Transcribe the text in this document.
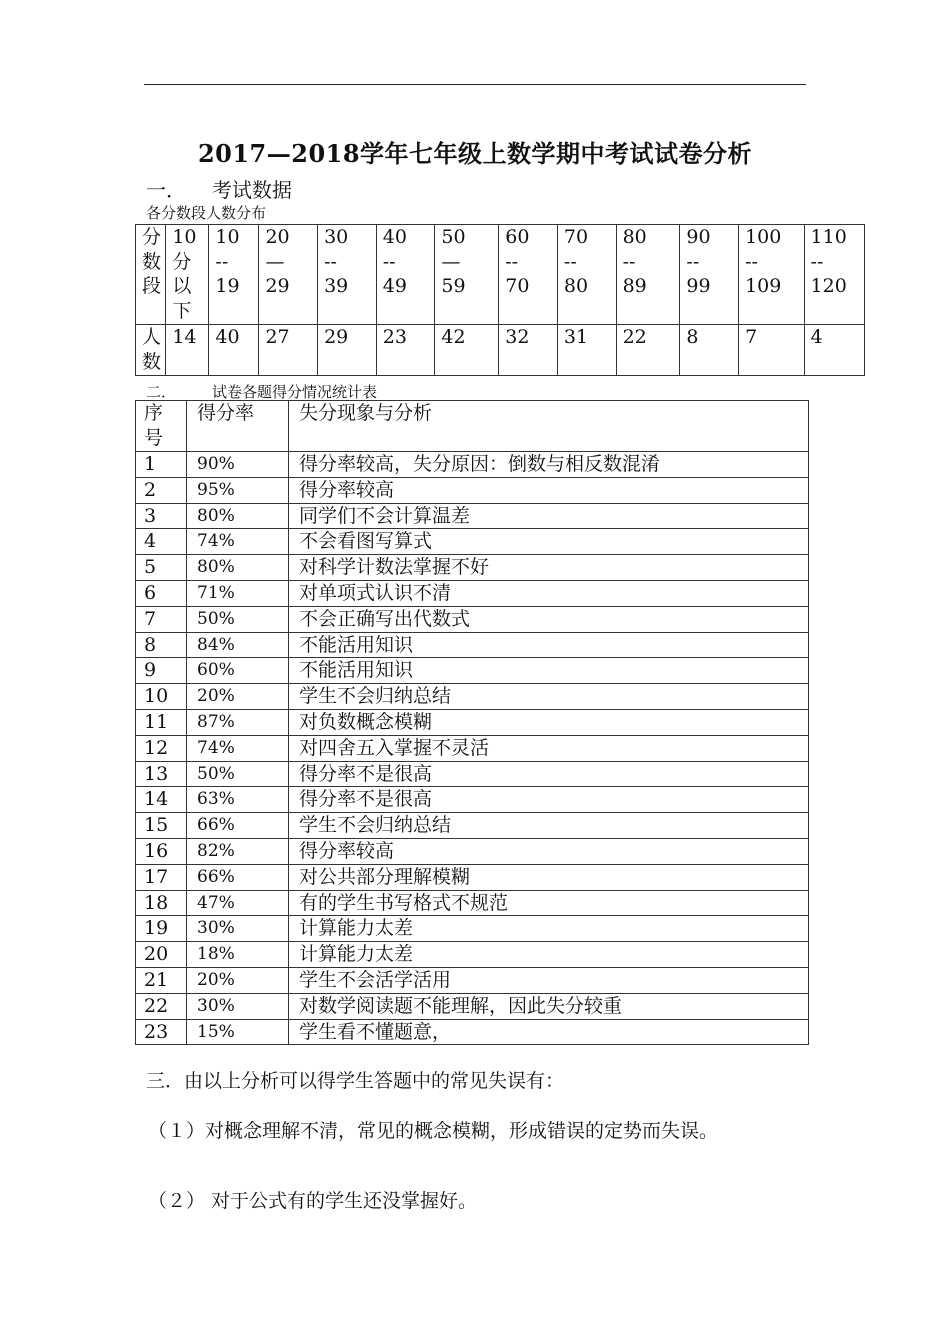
2017—2018学年七年级上数学期中考试试卷分析
一． 考试数据
各分数段人数分布
分
数
段	10
分
以
下	10
--
19	20
—
29	30
--
39	40
--
49	50
—
59	60
--
70	70
--
80	80
--
89	90
--
99	100
--
109	110
--
120
人
数	14	40	27	29	23	42	32	31	22	8	7	4
二． 试卷各题得分情况统计表
序
号	得分率	失分现象与分析
1	90%	得分率较高，失分原因：倒数与相反数混淆
2	95%	得分率较高
3	80%	同学们不会计算温差
4	74%	不会看图写算式
5	80%	对科学计数法掌握不好
6	71%	对单项式认识不清
7	50%	不会正确写出代数式
8	84%	不能活用知识
9	60%	不能活用知识
10	20%	学生不会归纳总结
11	87%	对负数概念模糊
12	74%	对四舍五入掌握不灵活
13	50%	得分率不是很高
14	63%	得分率不是很高
15	66%	学生不会归纳总结
16	82%	得分率较高
17	66%	对公共部分理解模糊
18	47%	有的学生书写格式不规范
19	30%	计算能力太差
20	18%	计算能力太差
21	20%	学生不会活学活用
22	30%	对数学阅读题不能理解，因此失分较重
23	15%	学生看不懂题意，
三．由以上分析可以得学生答题中的常见失误有：
（１）对概念理解不清，常见的概念模糊，形成错误的定势而失误。
（２） 对于公式有的学生还没掌握好。
